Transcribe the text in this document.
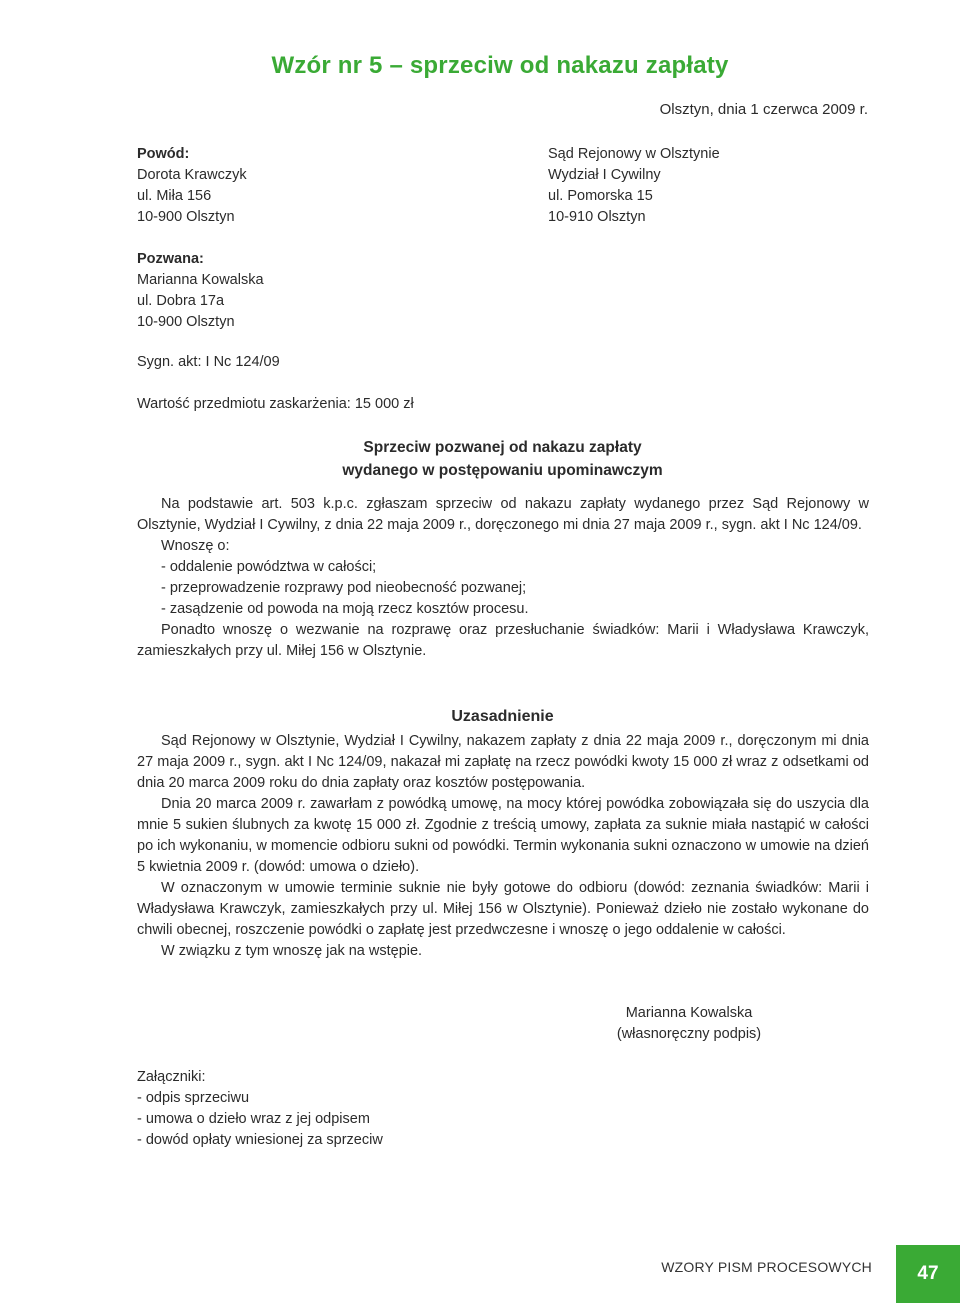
Wzór nr 5 – sprzeciw od nakazu zapłaty
Olsztyn, dnia 1 czerwca 2009 r.
Powód:
Dorota Krawczyk
ul. Miła 156
10-900 Olsztyn
Sąd Rejonowy w Olsztynie
Wydział I Cywilny
ul. Pomorska 15
10-910 Olsztyn
Pozwana:
Marianna Kowalska
ul. Dobra 17a
10-900 Olsztyn
Sygn. akt: I Nc 124/09
Wartość przedmiotu zaskarżenia: 15 000 zł
Sprzeciw pozwanej od nakazu zapłaty
wydanego w postępowaniu upominawczym
Na podstawie art. 503 k.p.c. zgłaszam sprzeciw od nakazu zapłaty wydanego przez Sąd Rejonowy w Olsztynie, Wydział I Cywilny, z dnia 22 maja 2009 r., doręczonego mi dnia 27 maja 2009 r., sygn. akt I Nc 124/09.
Wnoszę o:
- oddalenie powództwa w całości;
- przeprowadzenie rozprawy pod nieobecność pozwanej;
- zasądzenie od powoda na moją rzecz kosztów procesu.
Ponadto wnoszę o wezwanie na rozprawę oraz przesłuchanie świadków: Marii i Władysława Krawczyk, zamieszkałych przy ul. Miłej 156 w Olsztynie.
Uzasadnienie
Sąd Rejonowy w Olsztynie, Wydział I Cywilny, nakazem zapłaty z dnia 22 maja 2009 r., doręczonym mi dnia 27 maja 2009 r., sygn. akt I Nc 124/09, nakazał mi zapłatę na rzecz powódki kwoty 15 000 zł wraz z odsetkami od dnia 20 marca 2009 roku do dnia zapłaty oraz kosztów postępowania.
Dnia 20 marca 2009 r. zawarłam z powódką umowę, na mocy której powódka zobowiązała się do uszycia dla mnie 5 sukien ślubnych za kwotę 15 000 zł. Zgodnie z treścią umowy, zapłata za suknie miała nastąpić w całości po ich wykonaniu, w momencie odbioru sukni od powódki. Termin wykonania sukni oznaczono w umowie na dzień 5 kwietnia 2009 r. (dowód: umowa o dzieło).
W oznaczonym w umowie terminie suknie nie były gotowe do odbioru (dowód: zeznania świadków: Marii i Władysława Krawczyk, zamieszkałych przy ul. Miłej 156 w Olsztynie). Ponieważ dzieło nie zostało wykonane do chwili obecnej, roszczenie powódki o zapłatę jest przedwczesne i wnoszę o jego oddalenie w całości.
W związku z tym wnoszę jak na wstępie.
Marianna Kowalska
(własnoręczny podpis)
Załączniki:
- odpis sprzeciwu
- umowa o dzieło wraz z jej odpisem
- dowód opłaty wniesionej za sprzeciw
WZORY PISM PROCESOWYCH 47
